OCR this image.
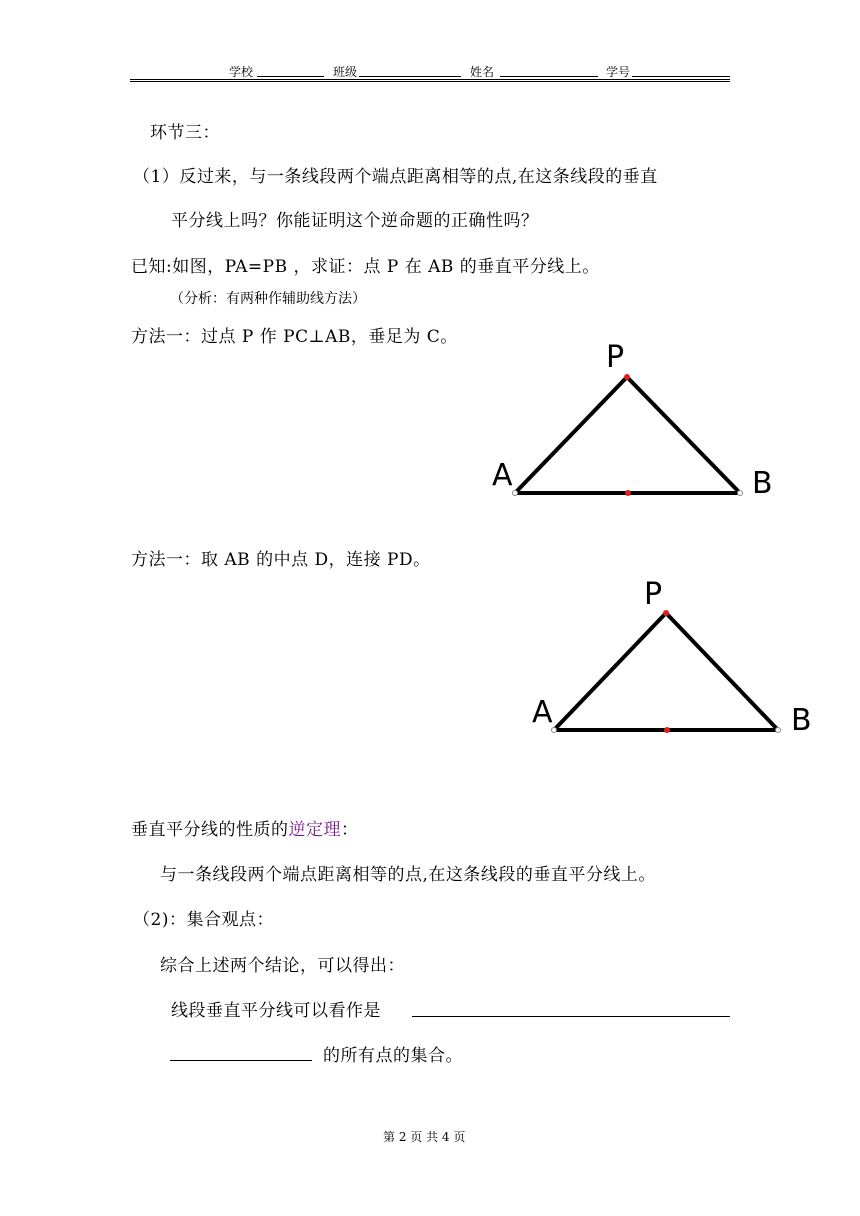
学校	班级	姓名	学号
环节三：
（1）反过来，与一条线段两个端点距离相等的点,在这条线段的垂直
平分线上吗？你能证明这个逆命题的正确性吗？
已知:如图，PA=PB ，求证：点 P 在 AB 的垂直平分线上。
（分析：有两种作辅助线方法）
方法一：过点 P 作 PC⊥AB，垂足为 C。
P
A	B
方法一：取 AB 的中点 D，连接 PD。
P
A	B
垂直平分线的性质的逆定理：
与一条线段两个端点距离相等的点,在这条线段的垂直平分线上。
（2)：集合观点：
综合上述两个结论，可以得出：
线段垂直平分线可以看作是
的所有点的集合。
第 2 页 共 4 页
